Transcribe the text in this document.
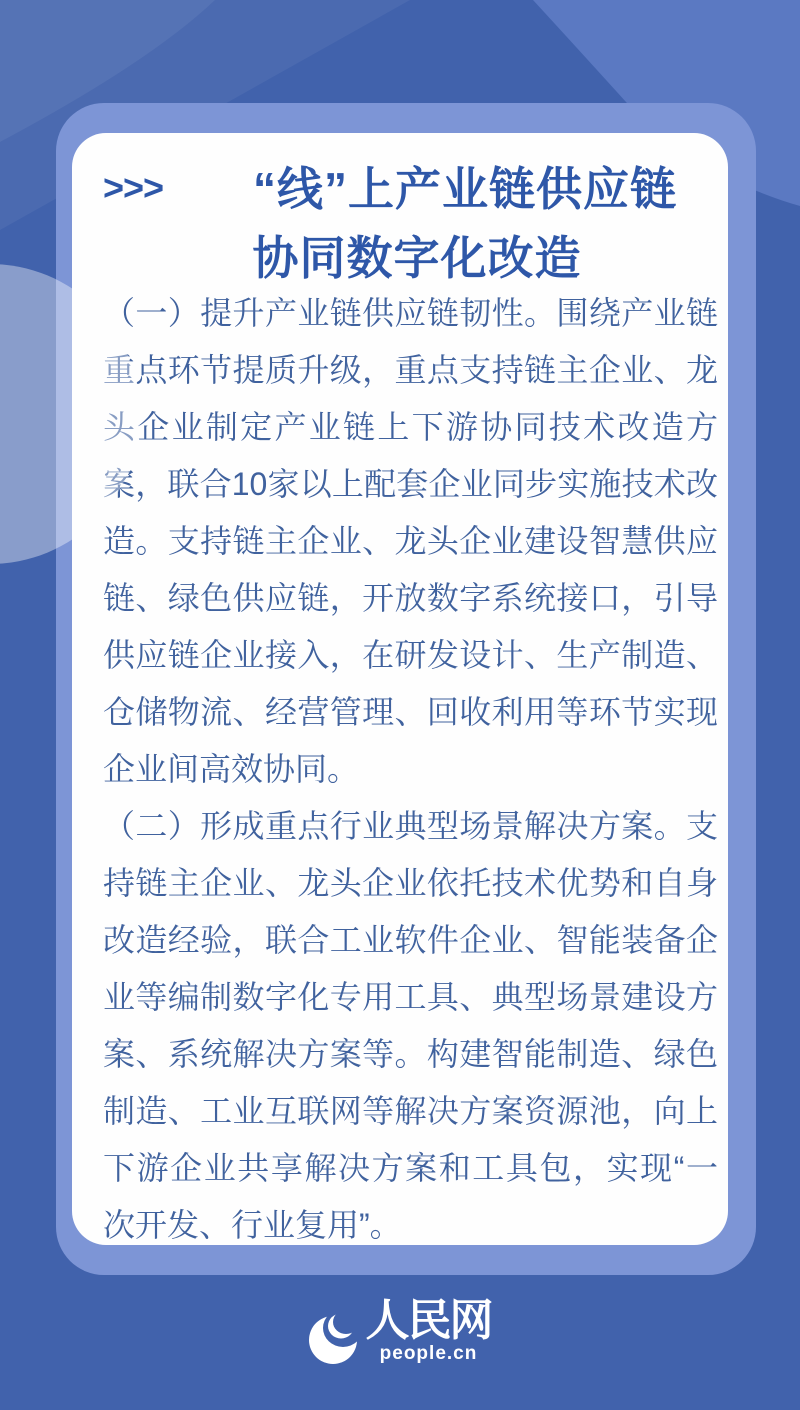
>>>	“线”上产业链供应链
协同数字化改造

（一）提升产业链供应链韧性。围绕产业链重点环节提质升级，重点支持链主企业、龙头企业制定产业链上下游协同技术改造方案，联合10家以上配套企业同步实施技术改造。支持链主企业、龙头企业建设智慧供应链、绿色供应链，开放数字系统接口，引导供应链企业接入，在研发设计、生产制造、仓储物流、经营管理、回收利用等环节实现企业间高效协同。

（二）形成重点行业典型场景解决方案。支持链主企业、龙头企业依托技术优势和自身改造经验，联合工业软件企业、智能装备企业等编制数字化专用工具、典型场景建设方案、系统解决方案等。构建智能制造、绿色制造、工业互联网等解决方案资源池，向上下游企业共享解决方案和工具包，实现“一次开发、行业复用”。

人民网
people.cn
